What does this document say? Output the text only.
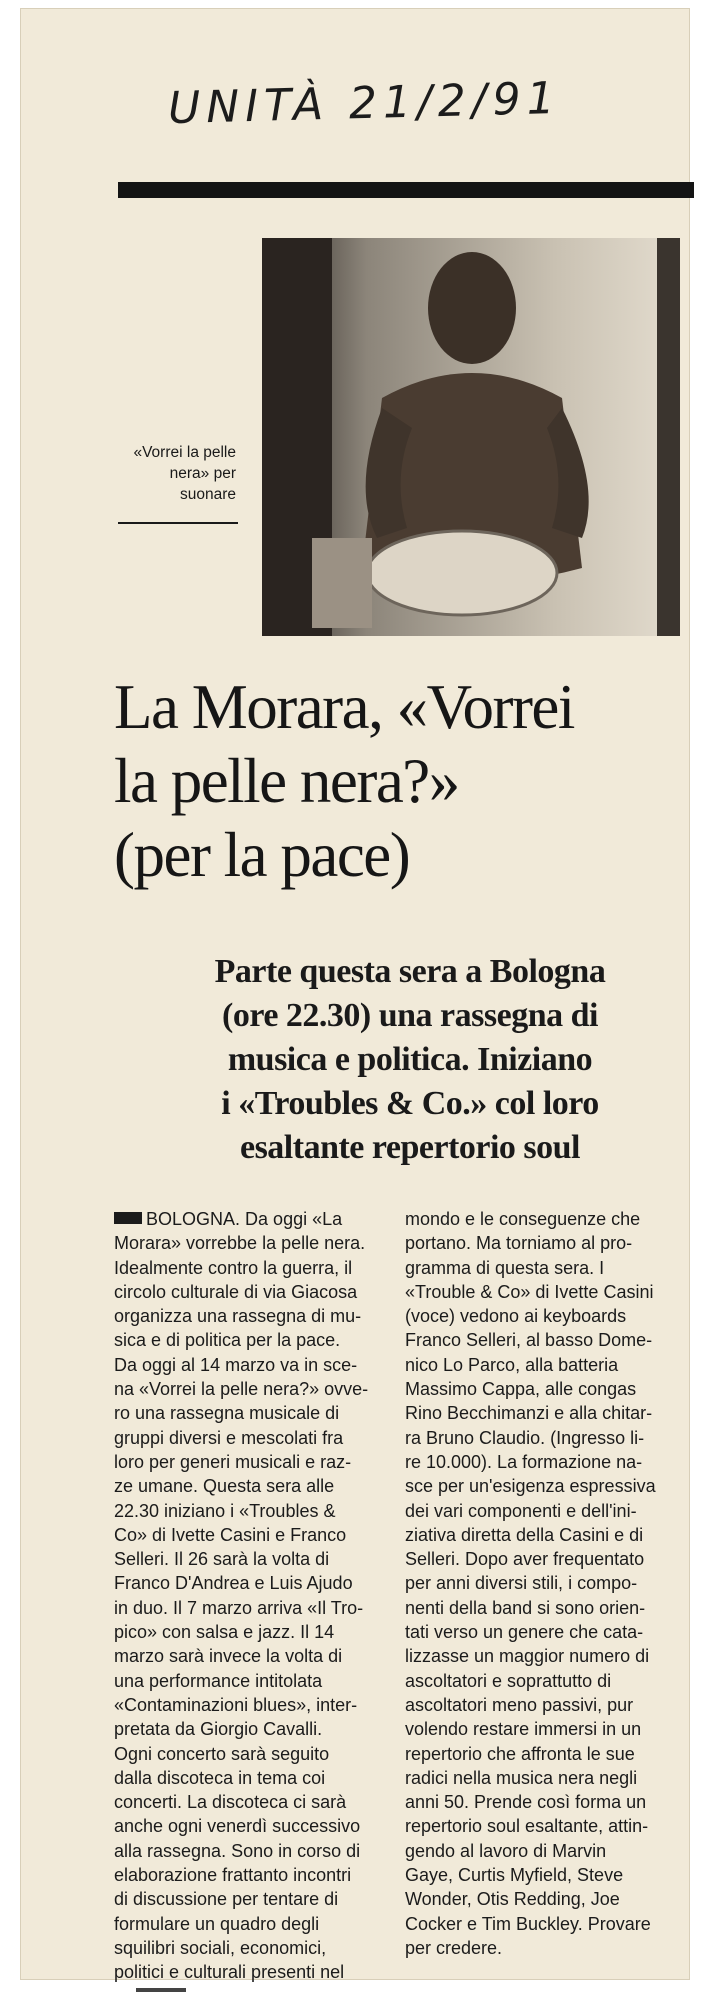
UNITÀ 21/2/91
«Vorrei la pelle
nera» per
suonare
La Morara, «Vorrei
la pelle nera?»
(per la pace)
Parte questa sera a Bologna
(ore 22.30) una rassegna di
musica e politica. Iniziano
i «Troubles & Co.» col loro
esaltante repertorio soul
BOLOGNA. Da oggi «La
Morara» vorrebbe la pelle nera.
Idealmente contro la guerra, il
circolo culturale di via Giacosa
organizza una rassegna di mu-
sica e di politica per la pace.
Da oggi al 14 marzo va in sce-
na «Vorrei la pelle nera?» ovve-
ro una rassegna musicale di
gruppi diversi e mescolati fra
loro per generi musicali e raz-
ze umane. Questa sera alle
22.30 iniziano i «Troubles &
Co» di Ivette Casini e Franco
Selleri. Il 26 sarà la volta di
Franco D'Andrea e Luis Ajudo
in duo. Il 7 marzo arriva «Il Tro-
pico» con salsa e jazz. Il 14
marzo sarà invece la volta di
una performance intitolata
«Contaminazioni blues», inter-
pretata da Giorgio Cavalli.
Ogni concerto sarà seguito
dalla discoteca in tema coi
concerti. La discoteca ci sarà
anche ogni venerdì successivo
alla rassegna. Sono in corso di
elaborazione frattanto incontri
di discussione per tentare di
formulare un quadro degli
squilibri sociali, economici,
politici e culturali presenti nel
mondo e le conseguenze che
portano. Ma torniamo al pro-
gramma di questa sera. I
«Trouble & Co» di Ivette Casini
(voce) vedono ai keyboards
Franco Selleri, al basso Dome-
nico Lo Parco, alla batteria
Massimo Cappa, alle congas
Rino Becchimanzi e alla chitar-
ra Bruno Claudio. (Ingresso li-
re 10.000). La formazione na-
sce per un'esigenza espressiva
dei vari componenti e dell'ini-
ziativa diretta della Casini e di
Selleri. Dopo aver frequentato
per anni diversi stili, i compo-
nenti della band si sono orien-
tati verso un genere che cata-
lizzasse un maggior numero di
ascoltatori e soprattutto di
ascoltatori meno passivi, pur
volendo restare immersi in un
repertorio che affronta le sue
radici nella musica nera negli
anni 50. Prende così forma un
repertorio soul esaltante, attin-
gendo al lavoro di Marvin
Gaye, Curtis Myfield, Steve
Wonder, Otis Redding, Joe
Cocker e Tim Buckley. Provare
per credere.
